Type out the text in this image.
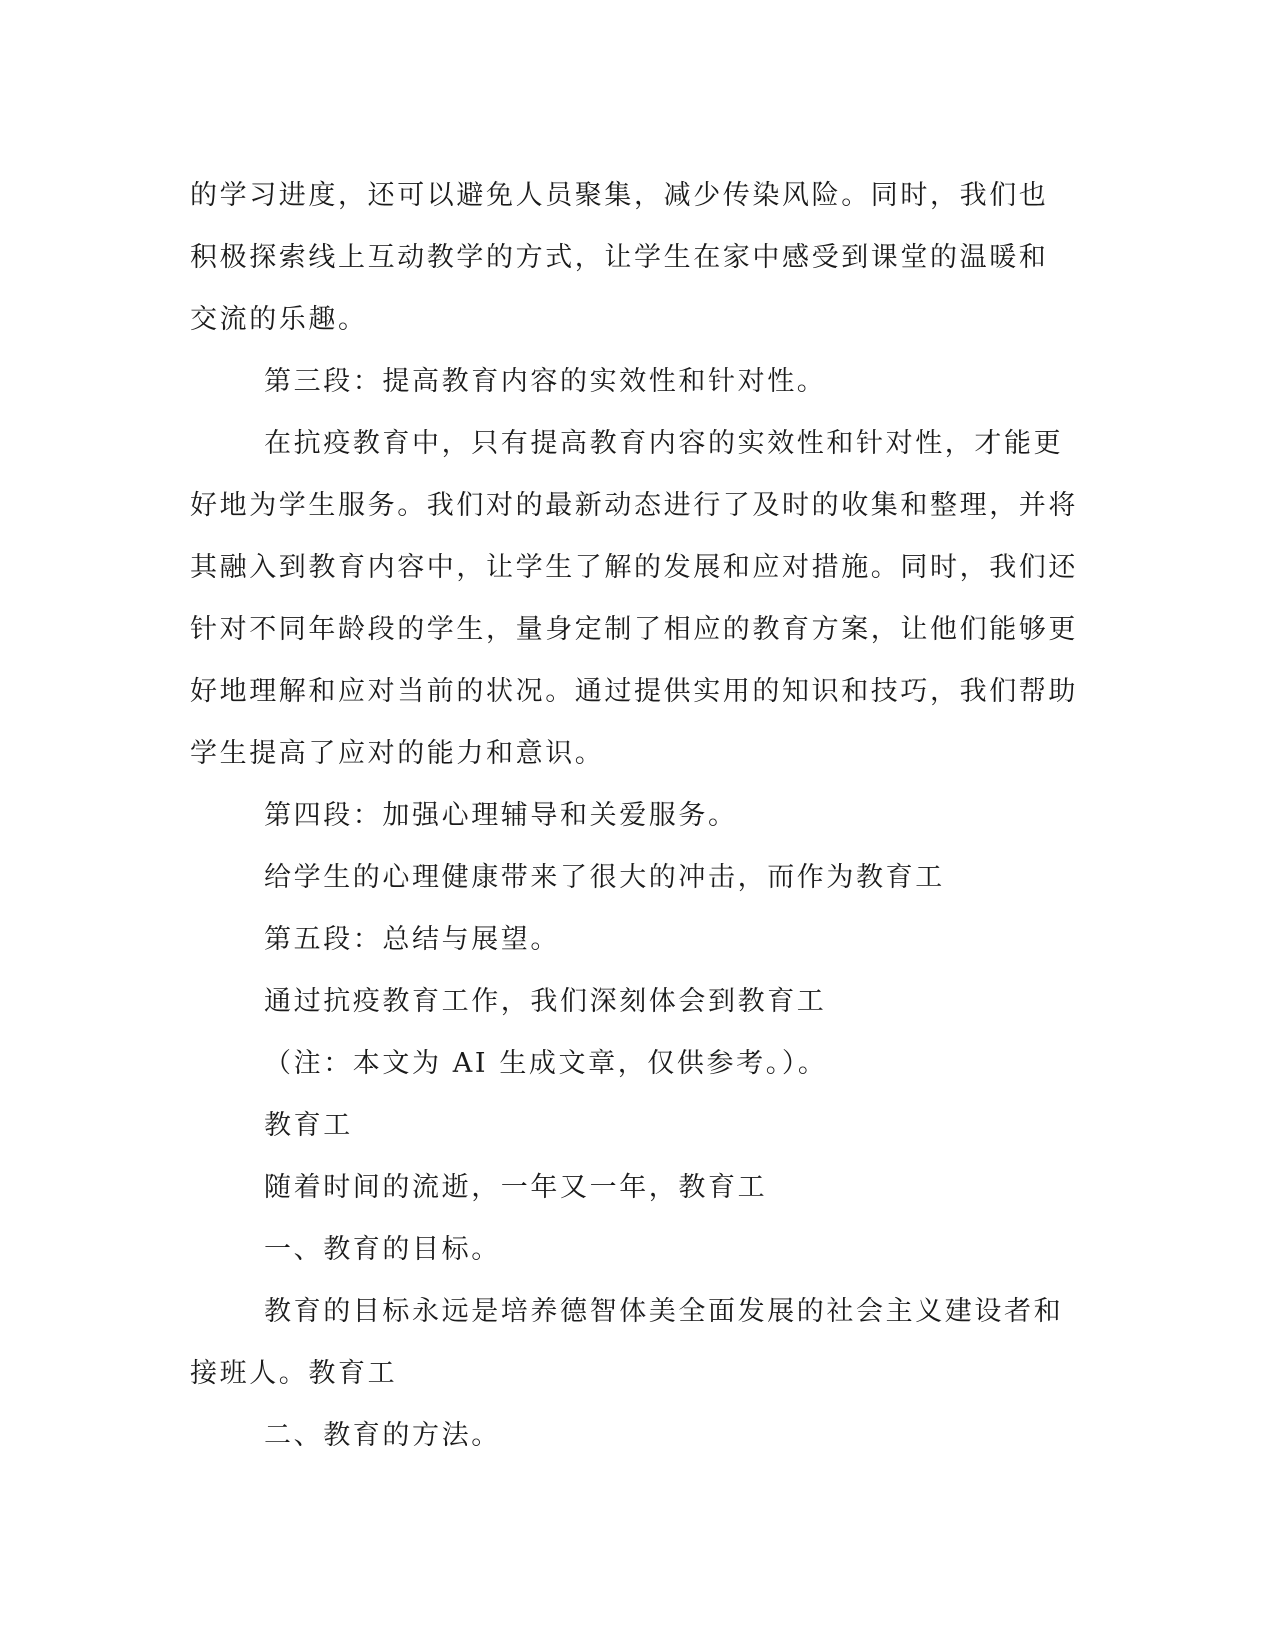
的学习进度，还可以避免人员聚集，减少传染风险。同时，我们也积极探索线上互动教学的方式，让学生在家中感受到课堂的温暖和交流的乐趣。

第三段：提高教育内容的实效性和针对性。

在抗疫教育中，只有提高教育内容的实效性和针对性，才能更好地为学生服务。我们对的最新动态进行了及时的收集和整理，并将其融入到教育内容中，让学生了解的发展和应对措施。同时，我们还针对不同年龄段的学生，量身定制了相应的教育方案，让他们能够更好地理解和应对当前的状况。通过提供实用的知识和技巧，我们帮助学生提高了应对的能力和意识。

第四段：加强心理辅导和关爱服务。

给学生的心理健康带来了很大的冲击，而作为教育工

第五段：总结与展望。

通过抗疫教育工作，我们深刻体会到教育工

（注：本文为 AI 生成文章，仅供参考。）。

教育工

随着时间的流逝，一年又一年，教育工

一、教育的目标。

教育的目标永远是培养德智体美全面发展的社会主义建设者和接班人。教育工

二、教育的方法。
